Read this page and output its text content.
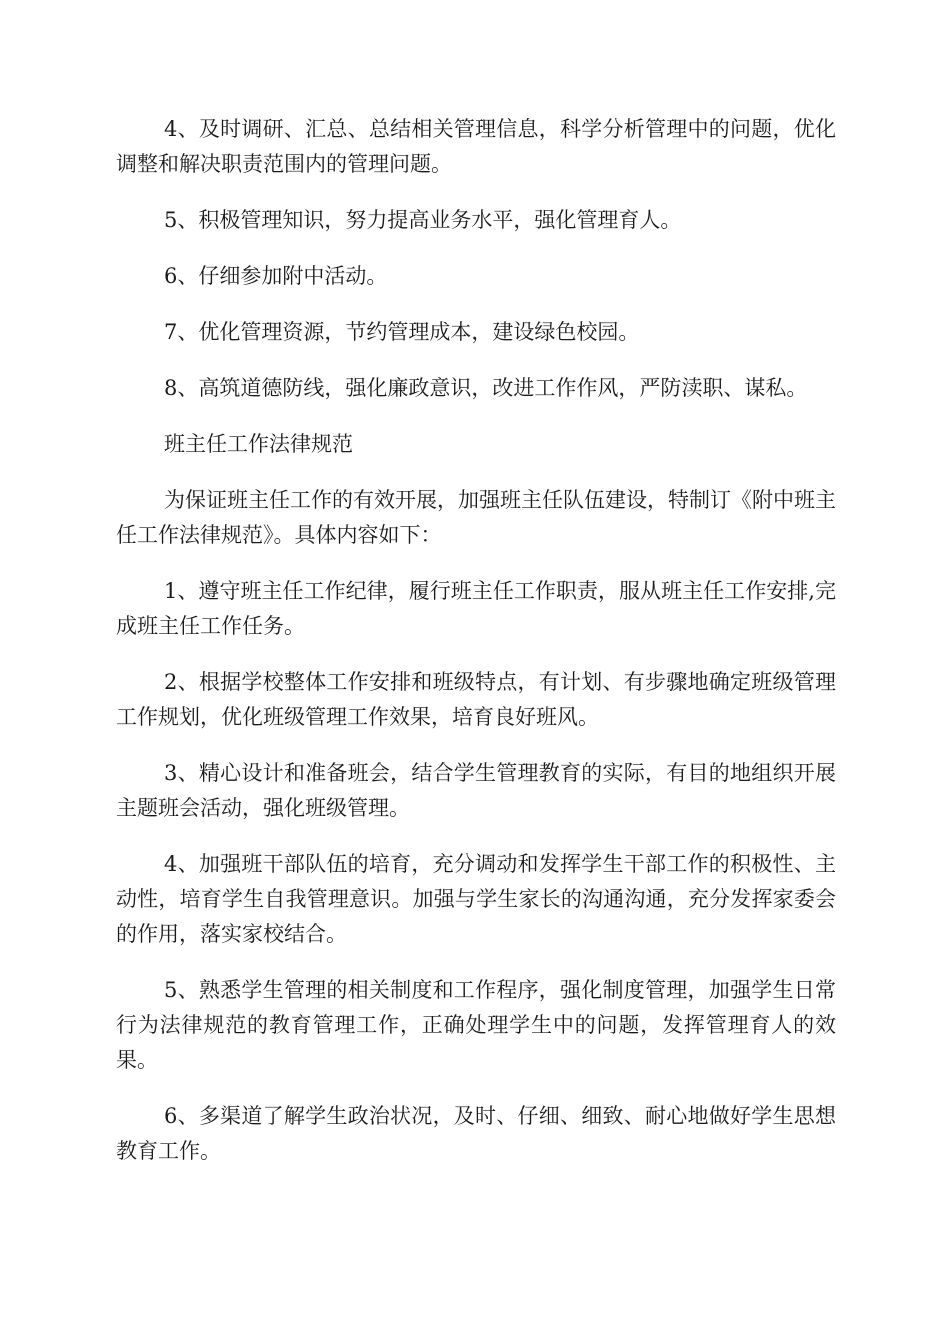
4、及时调研、汇总、总结相关管理信息，科学分析管理中的问题，优化调整和解决职责范围内的管理问题。

5、积极管理知识，努力提高业务水平，强化管理育人。

6、仔细参加附中活动。

7、优化管理资源，节约管理成本，建设绿色校园。

8、高筑道德防线，强化廉政意识，改进工作作风，严防渎职、谋私。

班主任工作法律规范

为保证班主任工作的有效开展，加强班主任队伍建设，特制订《附中班主任工作法律规范》。具体内容如下：

1、遵守班主任工作纪律，履行班主任工作职责，服从班主任工作安排,完成班主任工作任务。

2、根据学校整体工作安排和班级特点，有计划、有步骤地确定班级管理工作规划，优化班级管理工作效果，培育良好班风。

3、精心设计和准备班会，结合学生管理教育的实际，有目的地组织开展主题班会活动，强化班级管理。

4、加强班干部队伍的培育，充分调动和发挥学生干部工作的积极性、主动性，培育学生自我管理意识。加强与学生家长的沟通沟通，充分发挥家委会的作用，落实家校结合。

5、熟悉学生管理的相关制度和工作程序，强化制度管理，加强学生日常行为法律规范的教育管理工作，正确处理学生中的问题，发挥管理育人的效果。

6、多渠道了解学生政治状况，及时、仔细、细致、耐心地做好学生思想教育工作。
